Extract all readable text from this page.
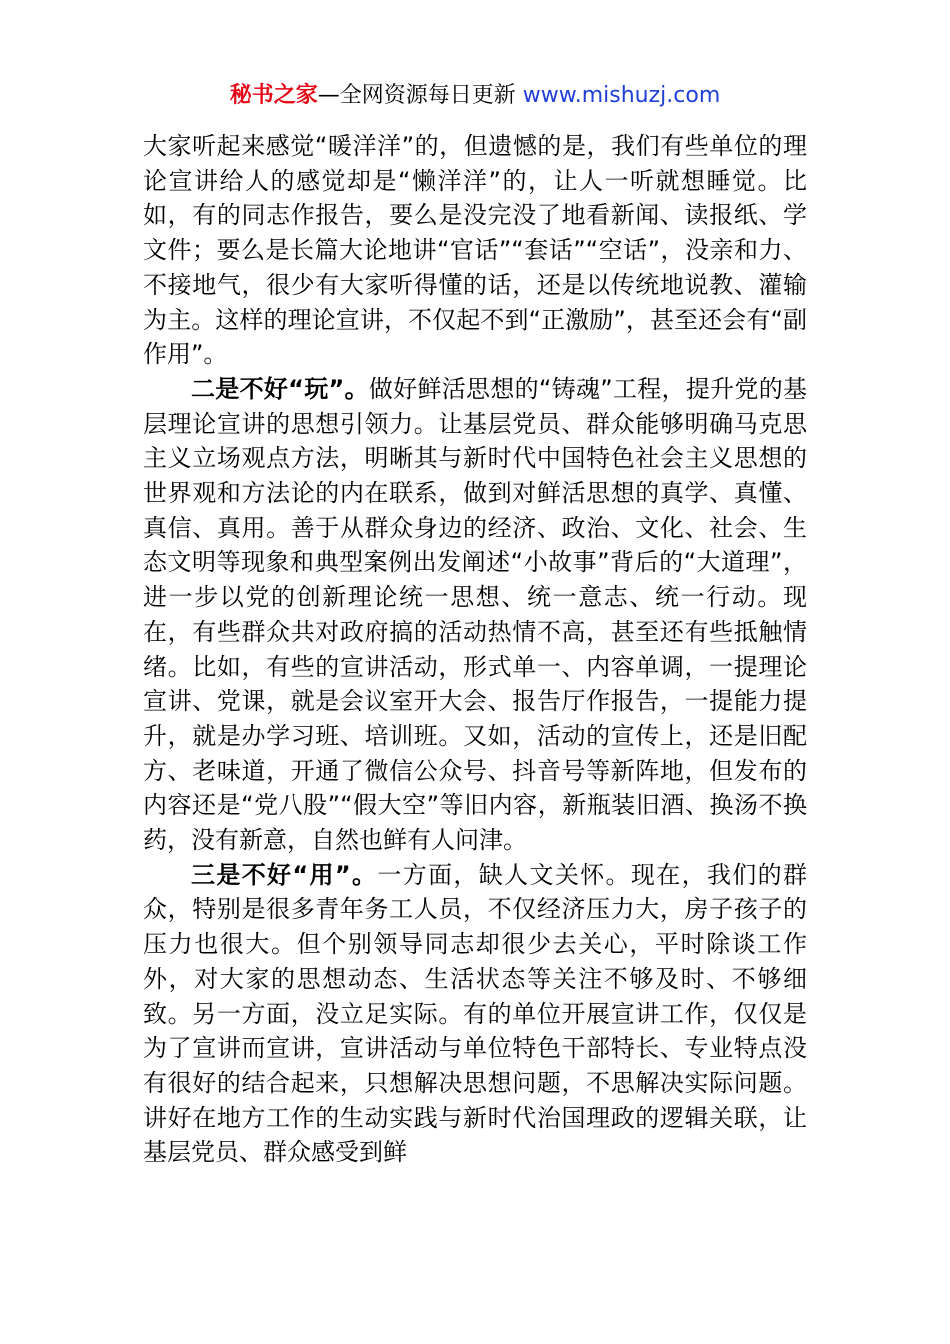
秘书之家—全网资源每日更新 www.mishuzj.com

大家听起来感觉“暖洋洋”的，但遗憾的是，我们有些单位的理论宣讲给人的感觉却是“懒洋洋”的，让人一听就想睡觉。比如，有的同志作报告，要么是没完没了地看新闻、读报纸、学文件；要么是长篇大论地讲“官话”“套话”“空话”，没亲和力、不接地气，很少有大家听得懂的话，还是以传统地说教、灌输为主。这样的理论宣讲，不仅起不到“正激励”，甚至还会有“副作用”。

二是不好“玩”。做好鲜活思想的“铸魂”工程，提升党的基层理论宣讲的思想引领力。让基层党员、群众能够明确马克思主义立场观点方法，明晰其与新时代中国特色社会主义思想的世界观和方法论的内在联系，做到对鲜活思想的真学、真懂、真信、真用。善于从群众身边的经济、政治、文化、社会、生态文明等现象和典型案例出发阐述“小故事”背后的“大道理”，进一步以党的创新理论统一思想、统一意志、统一行动。现在，有些群众共对政府搞的活动热情不高，甚至还有些抵触情绪。比如，有些的宣讲活动，形式单一、内容单调，一提理论宣讲、党课，就是会议室开大会、报告厅作报告，一提能力提升，就是办学习班、培训班。又如，活动的宣传上，还是旧配方、老味道，开通了微信公众号、抖音号等新阵地，但发布的内容还是“党八股”“假大空”等旧内容，新瓶装旧酒、换汤不换药，没有新意，自然也鲜有人问津。

三是不好“用”。一方面，缺人文关怀。现在，我们的群众，特别是很多青年务工人员，不仅经济压力大，房子孩子的压力也很大。但个别领导同志却很少去关心，平时除谈工作外，对大家的思想动态、生活状态等关注不够及时、不够细致。另一方面，没立足实际。有的单位开展宣讲工作，仅仅是为了宣讲而宣讲，宣讲活动与单位特色干部特长、专业特点没有很好的结合起来，只想解决思想问题，不思解决实际问题。讲好在地方工作的生动实践与新时代治国理政的逻辑关联，让基层党员、群众感受到鲜
